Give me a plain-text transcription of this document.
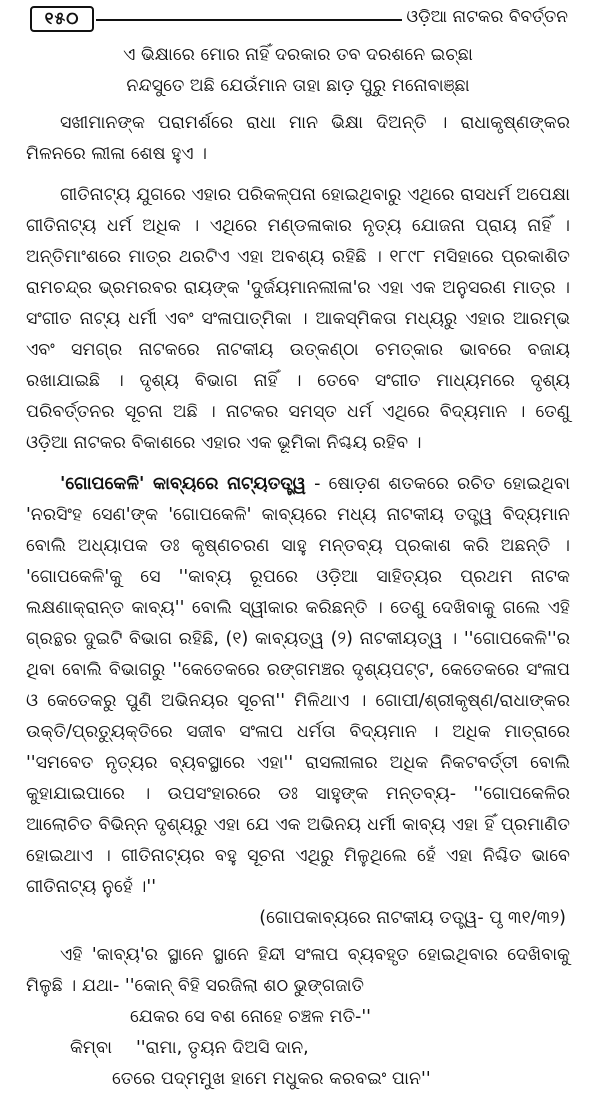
୧୫୦	ଓଡ଼ିଆ ନାଟକର ବିବର୍ତ୍ତନ

ଏ ଭିକ୍ଷାରେ ମୋର ନାହିଁ ଦରକାର ତବ ଦରଶନେ ଇଚ୍ଛା

ନନ୍ଦସୁତେ ଅଛି ଯେଉଁମାନ ତାହା ଛାଡ଼ ପୁରୁ ମନୋବାଞ୍ଛା

ସଖୀମାନଙ୍କ ପରାମର୍ଶରେ ରାଧା ମାନ ଭିକ୍ଷା ଦିଅନ୍ତି । ରାଧାକୃଷ୍ଣଙ୍କର ମିଳନରେ ଲୀଳା ଶେଷ ହୁଏ ।

ଗୀତିନାଟ୍ୟ ଯୁଗରେ ଏହାର ପରିକଳ୍ପନା ହୋଇଥିବାରୁ ଏଥିରେ ରାସଧର୍ମ ଅପେକ୍ଷା ଗୀତିନାଟ୍ୟ ଧର୍ମ ଅଧିକ । ଏଥିରେ ମଣ୍ଡଳାକାର ନୃତ୍ୟ ଯୋଜନା ପ୍ରାୟ ନାହିଁ । ଅନ୍ତିମାଂଶରେ ମାତ୍ର ଥରଟିଏ ଏହା ଅବଶ୍ୟ ରହିଛି । ୧୮୯୮ ମସିହାରେ ପ୍ରକାଶିତ ରାମଚନ୍ଦ୍ର ଭ୍ରମରବର ରାୟଙ୍କ 'ଦୁର୍ଜୟମାନଲୀଳା'ର ଏହା ଏକ ଅନୁସରଣ ମାତ୍ର । ସଂଗୀତ ନାଟ୍ୟ ଧର୍ମୀ ଏବଂ ସଂଳାପାତ୍ମିକା । ଆକସ୍ମିକତା ମଧ୍ୟରୁ ଏହାର ଆରମ୍ଭ ଏବଂ ସମଗ୍ର ନାଟକରେ ନାଟକୀୟ ଉତ୍କଣ୍ଠା ଚମତ୍କାର ଭାବରେ ବଜାୟ ରଖାଯାଇଛି । ଦୃଶ୍ୟ ବିଭାଗ ନାହିଁ । ତେବେ ସଂଗୀତ ମାଧ୍ୟମରେ ଦୃଶ୍ୟ ପରିବର୍ତ୍ତନର ସୂଚନା ଅଛି । ନାଟକର ସମସ୍ତ ଧର୍ମ ଏଥିରେ ବିଦ୍ୟମାନ । ତେଣୁ ଓଡ଼ିଆ ନାଟକର ବିକାଶରେ ଏହାର ଏକ ଭୂମିକା ନିଶ୍ଚୟ ରହିବ ।

'ଗୋପକେଳି' କାବ୍ୟରେ ନାଟ୍ୟତତ୍ତ୍ୱ - ଷୋଡ଼ଶ ଶତକରେ ରଚିତ ହୋଇଥିବା 'ନରସିଂହ ସେଣ'ଙ୍କ 'ଗୋପକେଳି' କାବ୍ୟରେ ମଧ୍ୟ ନାଟକୀୟ ତତ୍ତ୍ୱ ବିଦ୍ୟମାନ ବୋଲି ଅଧ୍ୟାପକ ଡଃ କୃଷ୍ଣଚରଣ ସାହୁ ମନ୍ତବ୍ୟ ପ୍ରକାଶ କରି ଅଛନ୍ତି । 'ଗୋପକେଳି'କୁ ସେ ''କାବ୍ୟ ରୂପରେ ଓଡ଼ିଆ ସାହିତ୍ୟର ପ୍ରଥମ ନାଟକ ଲକ୍ଷଣାକ୍ରାନ୍ତ କାବ୍ୟ'' ବୋଲି ସ୍ୱୀକାର କରିଛନ୍ତି । ତେଣୁ ଦେଖିବାକୁ ଗଲେ ଏହି ଗ୍ରନ୍ଥର ଦୁଇଟି ବିଭାଗ ରହିଛି, (୧) କାବ୍ୟତ୍ୱ (୨) ନାଟକୀୟତ୍ୱ । ''ଗୋପକେଳି''ର ଥିବା ବୋଲି ବିଭାଗରୁ ''କେତେକରେ ରଙ୍ଗମଞ୍ଚର ଦୃଶ୍ୟପଟ୍ଟ, କେତେକରେ ସଂଳାପ ଓ କେତେକରୁ ପୁଣି ଅଭିନୟର ସୂଚନା'' ମିଳିଥାଏ । ଗୋପୀ/ଶ୍ରୀକୃଷ୍ଣ/ରାଧାଙ୍କର ଉକ୍ତି/ପ୍ରତ୍ୟୁକ୍ତିରେ ସଜୀବ ସଂଳାପ ଧର୍ମତା ବିଦ୍ୟମାନ । ଅଧିକ ମାତ୍ରାରେ ''ସମବେତ ନୃତ୍ୟର ବ୍ୟବସ୍ଥାରେ ଏହା'' ରାସଲୀଳାର ଅଧିକ ନିକଟବର୍ତ୍ତୀ ବୋଲି କୁହାଯାଇପାରେ । ଉପସଂହାରରେ ଡଃ ସାହୁଙ୍କ ମନ୍ତବ୍ୟ- ''ଗୋପକେଳିର ଆଲୋଚିତ ବିଭିନ୍ନ ଦୃଶ୍ୟରୁ ଏହା ଯେ ଏକ ଅଭିନୟ ଧର୍ମୀ କାବ୍ୟ ଏହା ହିଁ ପ୍ରମାଣିତ ହୋଇଥାଏ । ଗୀତିନାଟ୍ୟର ବହୁ ସୂଚନା ଏଥିରୁ ମିଳୁଥିଲେ ହେଁ ଏହା ନିଶ୍ଚିତ ଭାବେ ଗୀତିନାଟ୍ୟ ନୁହେଁ ।''

(ଗୋପକାବ୍ୟରେ ନାଟକୀୟ ତତ୍ତ୍ୱ- ପୃ ୩୧/୩୨)

ଏହି 'କାବ୍ୟ'ର ସ୍ଥାନେ ସ୍ଥାନେ ହିନ୍ଦୀ ସଂଳାପ ବ୍ୟବହୃତ ହୋଇଥିବାର ଦେଖିବାକୁ ମିଳୁଛି । ଯଥା- ''କୋନ୍ ବିହି ସରଜିଲା ଶଠ ଭୁଙ୍ଗଜାତି

ଯେକର ସେ ବଶ ନୋହେ ଚଞ୍ଚଳ ମତି-''

କିମ୍ବା ''ରାମା, ତୃୟନ ଦିଅସି ଦାନ,

ତେରେ ପଦ୍ମମୁଖ ହାମେ ମଧୁକର କରବଇଂ ପାନ''
